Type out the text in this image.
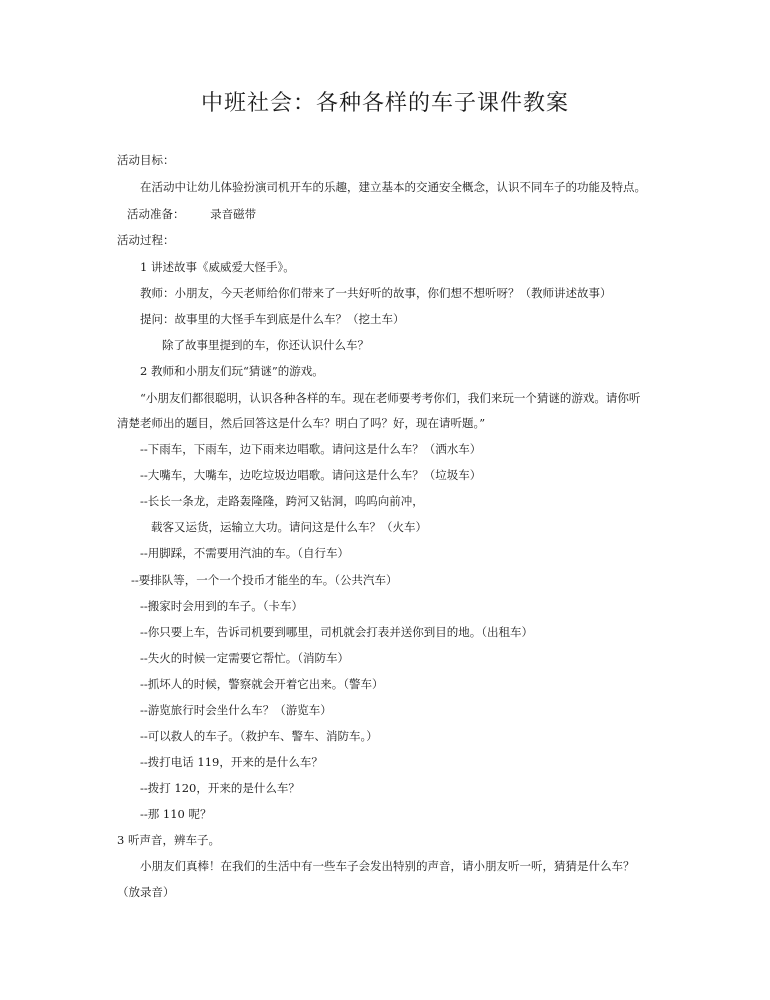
中班社会：各种各样的车子课件教案
活动目标：
在活动中让幼儿体验扮演司机开车的乐趣，建立基本的交通安全概念，认识不同车子的功能及特点。
活动准备：       录音磁带
活动过程：
1 讲述故事《威威爱大怪手》。
教师：小朋友，今天老师给你们带来了一共好听的故事，你们想不想听呀？（教师讲述故事）
提问：故事里的大怪手车到底是什么车？（挖土车）
除了故事里提到的车，你还认识什么车？
2 教师和小朋友们玩“猜谜”的游戏。
“小朋友们都很聪明，认识各种各样的车。现在老师要考考你们，我们来玩一个猜谜的游戏。请你听
清楚老师出的题目，然后回答这是什么车？明白了吗？好，现在请听题。”
--下雨车，下雨车，边下雨来边唱歌。请问这是什么车？（洒水车）
--大嘴车，大嘴车，边吃垃圾边唱歌。请问这是什么车？（垃圾车）
--长长一条龙，走路轰隆隆，跨河又钻洞，呜呜向前冲，
载客又运货，运输立大功。请问这是什么车？（火车）
--用脚踩，不需要用汽油的车。（自行车）
--要排队等，一个一个投币才能坐的车。（公共汽车）
--搬家时会用到的车子。（卡车）
--你只要上车，告诉司机要到哪里，司机就会打表并送你到目的地。（出租车）
--失火的时候一定需要它帮忙。（消防车）
--抓坏人的时候，警察就会开着它出来。（警车）
--游览旅行时会坐什么车？（游览车）
--可以救人的车子。（救护车、警车、消防车。）
--拨打电话 119，开来的是什么车？
--拨打 120，开来的是什么车？
--那 110 呢？
3 听声音，辨车子。
小朋友们真棒！在我们的生活中有一些车子会发出特别的声音，请小朋友听一听，猜猜是什么车？
（放录音）
